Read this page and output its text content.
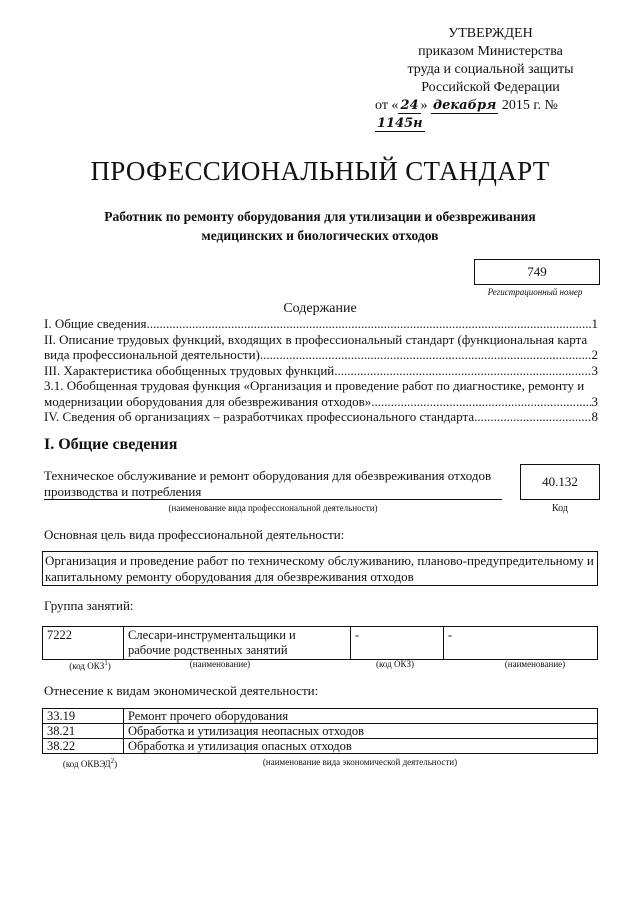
УТВЕРЖДЕН
приказом Министерства
труда и социальной защиты
Российской Федерации
от « 24 » декабря 2015 г. № 1145н
ПРОФЕССИОНАЛЬНЫЙ СТАНДАРТ
Работник по ремонту оборудования для утилизации и обезвреживания
медицинских и биологических отходов
749
Регистрационный номер
Содержание
I. Общие сведения .....	1
II. Описание трудовых функций, входящих в профессиональный стандарт (функциональная карта
вида профессиональной деятельности) .....	2
III. Характеристика обобщенных трудовых функций .....	3
3.1. Обобщенная трудовая функция «Организация и проведение работ по диагностике, ремонту и
модернизации оборудования для обезвреживания отходов» .....	3
IV. Сведения об организациях – разработчиках профессионального стандарта .....	8
I. Общие сведения
Техническое обслуживание и ремонт оборудования для обезвреживания отходов
производства и потребления
(наименование вида профессиональной деятельности)
40.132
Код
Основная цель вида профессиональной деятельности:
Организация и проведение работ по техническому обслуживанию, планово-предупредительному и
капитальному ремонту оборудования для обезвреживания отходов
Группа занятий:
7222	Слесари-инструментальщики и
рабочие родственных занятий
	-	-
(код ОКЗ$^1$)	(наименование)	(код ОКЗ)	(наименование)
Отнесение к видам экономической деятельности:
33.19	Ремонт прочего оборудования
38.21	Обработка и утилизация неопасных отходов
38.22	Обработка и утилизация опасных отходов
(код ОКВЭД$^2$)	(наименование вида экономической деятельности)
